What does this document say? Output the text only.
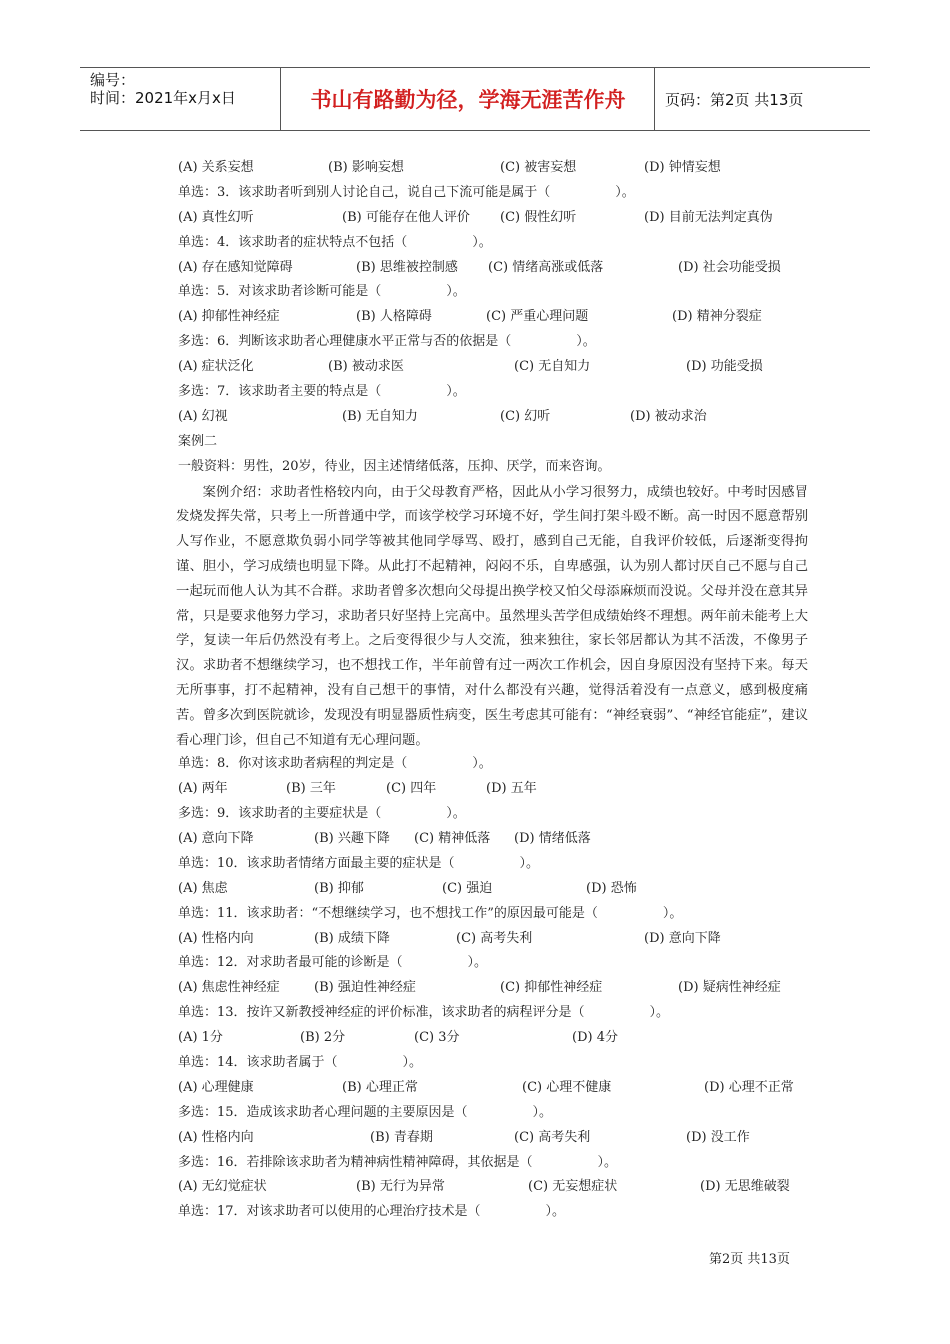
编号：
时间：2021年x月x日	书山有路勤为径，学海无涯苦作舟	页码：第2页 共13页
(A) 关系妄想	(B) 影响妄想	(C) 被害妄想	(D) 钟情妄想
单选：3．该求助者听到别人讨论自己，说自己下流可能是属于（　　　　　）。
(A) 真性幻听	(B) 可能存在他人评价 (C) 假性幻听	(D) 目前无法判定真伪
单选：4．该求助者的症状特点不包括（　　　　　）。
(A) 存在感知觉障碍	(B) 思维被控制感 (C) 情绪高涨或低落	(D) 社会功能受损
单选：5．对该求助者诊断可能是（　　　　　）。
(A) 抑郁性神经症	(B) 人格障碍	(C) 严重心理问题	(D) 精神分裂症
多选：6．判断该求助者心理健康水平正常与否的依据是（　　　　　）。
(A) 症状泛化	(B) 被动求医	(C) 无自知力	(D) 功能受损
多选：7．该求助者主要的特点是（　　　　　）。
(A) 幻视	(B) 无自知力	(C) 幻听	(D) 被动求治
案例二
一般资料：男性，20岁，待业，因主述情绪低落，压抑、厌学，而来咨询。

案例介绍：求助者性格较内向，由于父母教育严格，因此从小学习很努力，成绩也较好。中考时因感冒发烧发挥失常，只考上一所普通中学，而该学校学习环境不好，学生间打架斗殴不断。高一时因不愿意帮别人写作业，不愿意欺负弱小同学等被其他同学辱骂、殴打，感到自己无能，自我评价较低，后逐渐变得拘谨、胆小，学习成绩也明显下降。从此打不起精神，闷闷不乐，自卑感强，认为别人都讨厌自己不愿与自己一起玩而他人认为其不合群。求助者曾多次想向父母提出换学校又怕父母添麻烦而没说。父母并没在意其异常，只是要求他努力学习，求助者只好坚持上完高中。虽然埋头苦学但成绩始终不理想。两年前未能考上大学，复读一年后仍然没有考上。之后变得很少与人交流，独来独往，家长邻居都认为其不活泼，不像男子汉。求助者不想继续学习，也不想找工作，半年前曾有过一两次工作机会，因自身原因没有坚持下来。每天无所事事，打不起精神，没有自己想干的事情，对什么都没有兴趣，觉得活着没有一点意义，感到极度痛苦。曾多次到医院就诊，发现没有明显器质性病变，医生考虑其可能有：“神经衰弱”、“神经官能症”，建议看心理门诊，但自己不知道有无心理问题。

单选：8．你对该求助者病程的判定是（　　　　　）。
(A) 两年	(B) 三年	(C) 四年	(D) 五年
多选：9．该求助者的主要症状是（　　　　　）。
(A) 意向下降	(B) 兴趣下降 (C) 精神低落 (D) 情绪低落
单选：10．该求助者情绪方面最主要的症状是（　　　　　）。
(A) 焦虑	(B) 抑郁	(C) 强迫	(D) 恐怖
单选：11．该求助者：“不想继续学习，也不想找工作”的原因最可能是（　　　　　）。
(A) 性格内向	(B) 成绩下降	(C) 高考失利	(D) 意向下降
单选：12．对求助者最可能的诊断是（　　　　　）。
(A) 焦虑性神经症	(B) 强迫性神经症	(C) 抑郁性神经症	(D) 疑病性神经症
单选：13．按许又新教授神经症的评价标准，该求助者的病程评分是（　　　　　）。
(A) 1分	(B) 2分	(C) 3分	(D) 4分
单选：14．该求助者属于（　　　　　）。
(A) 心理健康	(B) 心理正常	(C) 心理不健康	(D) 心理不正常
多选：15．造成该求助者心理问题的主要原因是（　　　　　）。
(A) 性格内向	(B) 青春期	(C) 高考失利	(D) 没工作
多选：16．若排除该求助者为精神病性精神障碍，其依据是（　　　　　）。
(A) 无幻觉症状	(B) 无行为异常	(C) 无妄想症状	(D) 无思维破裂
单选：17．对该求助者可以使用的心理治疗技术是（　　　　　）。
第2页 共13页
